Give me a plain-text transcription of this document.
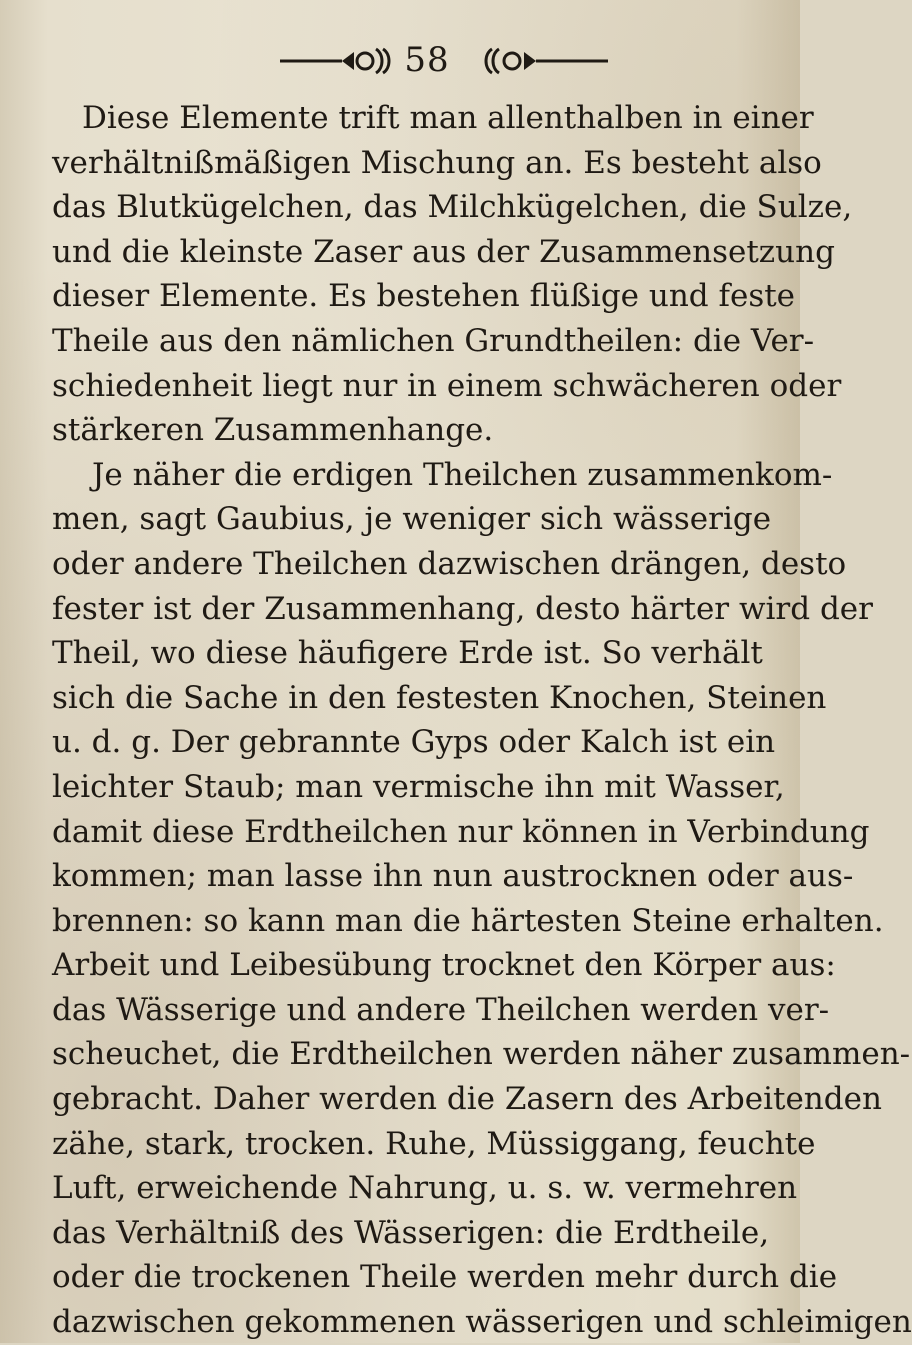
58
Diese Elemente trift man allenthalben in einer
verhältnißmäßigen Mischung an. Es besteht also
das Blutkügelchen, das Milchkügelchen, die Sulze,
und die kleinste Zaser aus der Zusammensetzung
dieser Elemente. Es bestehen flüßige und feste
Theile aus den nämlichen Grundtheilen: die Ver-
schiedenheit liegt nur in einem schwächeren oder
stärkeren Zusammenhange.
Je näher die erdigen Theilchen zusammenkom-
men, sagt Gaubius, je weniger sich wässerige
oder andere Theilchen dazwischen drängen, desto
fester ist der Zusammenhang, desto härter wird der
Theil, wo diese häufigere Erde ist. So verhält
sich die Sache in den festesten Knochen, Steinen
u. d. g. Der gebrannte Gyps oder Kalch ist ein
leichter Staub; man vermische ihn mit Wasser,
damit diese Erdtheilchen nur können in Verbindung
kommen; man lasse ihn nun austrocknen oder aus-
brennen: so kann man die härtesten Steine erhalten.
Arbeit und Leibesübung trocknet den Körper aus:
das Wässerige und andere Theilchen werden ver-
scheuchet, die Erdtheilchen werden näher zusammen-
gebracht. Daher werden die Zasern des Arbeitenden
zähe, stark, trocken. Ruhe, Müssiggang, feuchte
Luft, erweichende Nahrung, u. s. w. vermehren
das Verhältniß des Wässerigen: die Erdtheile,
oder die trockenen Theile werden mehr durch die
dazwischen gekommenen wässerigen und schleimigen
